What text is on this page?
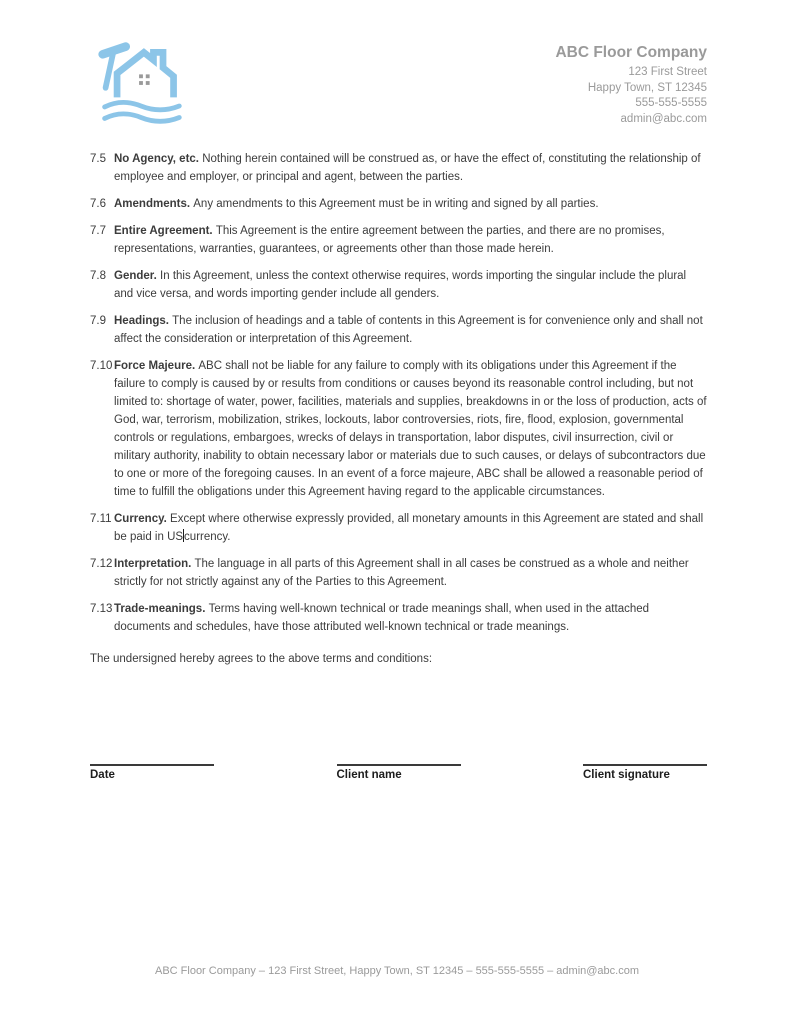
ABC Floor Company
123 First Street
Happy Town, ST 12345
555-555-5555
admin@abc.com
7.5 No Agency, etc. Nothing herein contained will be construed as, or have the effect of, constituting the relationship of employee and employer, or principal and agent, between the parties.
7.6 Amendments. Any amendments to this Agreement must be in writing and signed by all parties.
7.7 Entire Agreement. This Agreement is the entire agreement between the parties, and there are no promises, representations, warranties, guarantees, or agreements other than those made herein.
7.8 Gender. In this Agreement, unless the context otherwise requires, words importing the singular include the plural and vice versa, and words importing gender include all genders.
7.9 Headings. The inclusion of headings and a table of contents in this Agreement is for convenience only and shall not affect the consideration or interpretation of this Agreement.
7.10 Force Majeure. ABC shall not be liable for any failure to comply with its obligations under this Agreement if the failure to comply is caused by or results from conditions or causes beyond its reasonable control including, but not limited to: shortage of water, power, facilities, materials and supplies, breakdowns in or the loss of production, acts of God, war, terrorism, mobilization, strikes, lockouts, labor controversies, riots, fire, flood, explosion, governmental controls or regulations, embargoes, wrecks of delays in transportation, labor disputes, civil insurrection, civil or military authority, inability to obtain necessary labor or materials due to such causes, or delays of subcontractors due to one or more of the foregoing causes. In an event of a force majeure, ABC shall be allowed a reasonable period of time to fulfill the obligations under this Agreement having regard to the applicable circumstances.
7.11 Currency. Except where otherwise expressly provided, all monetary amounts in this Agreement are stated and shall be paid in UScurrency.
7.12 Interpretation. The language in all parts of this Agreement shall in all cases be construed as a whole and neither strictly for not strictly against any of the Parties to this Agreement.
7.13 Trade-meanings. Terms having well-known technical or trade meanings shall, when used in the attached documents and schedules, have those attributed well-known technical or trade meanings.

The undersigned hereby agrees to the above terms and conditions:

Date	Client name	Client signature
ABC Floor Company – 123 First Street, Happy Town, ST 12345 – 555-555-5555 – admin@abc.com
